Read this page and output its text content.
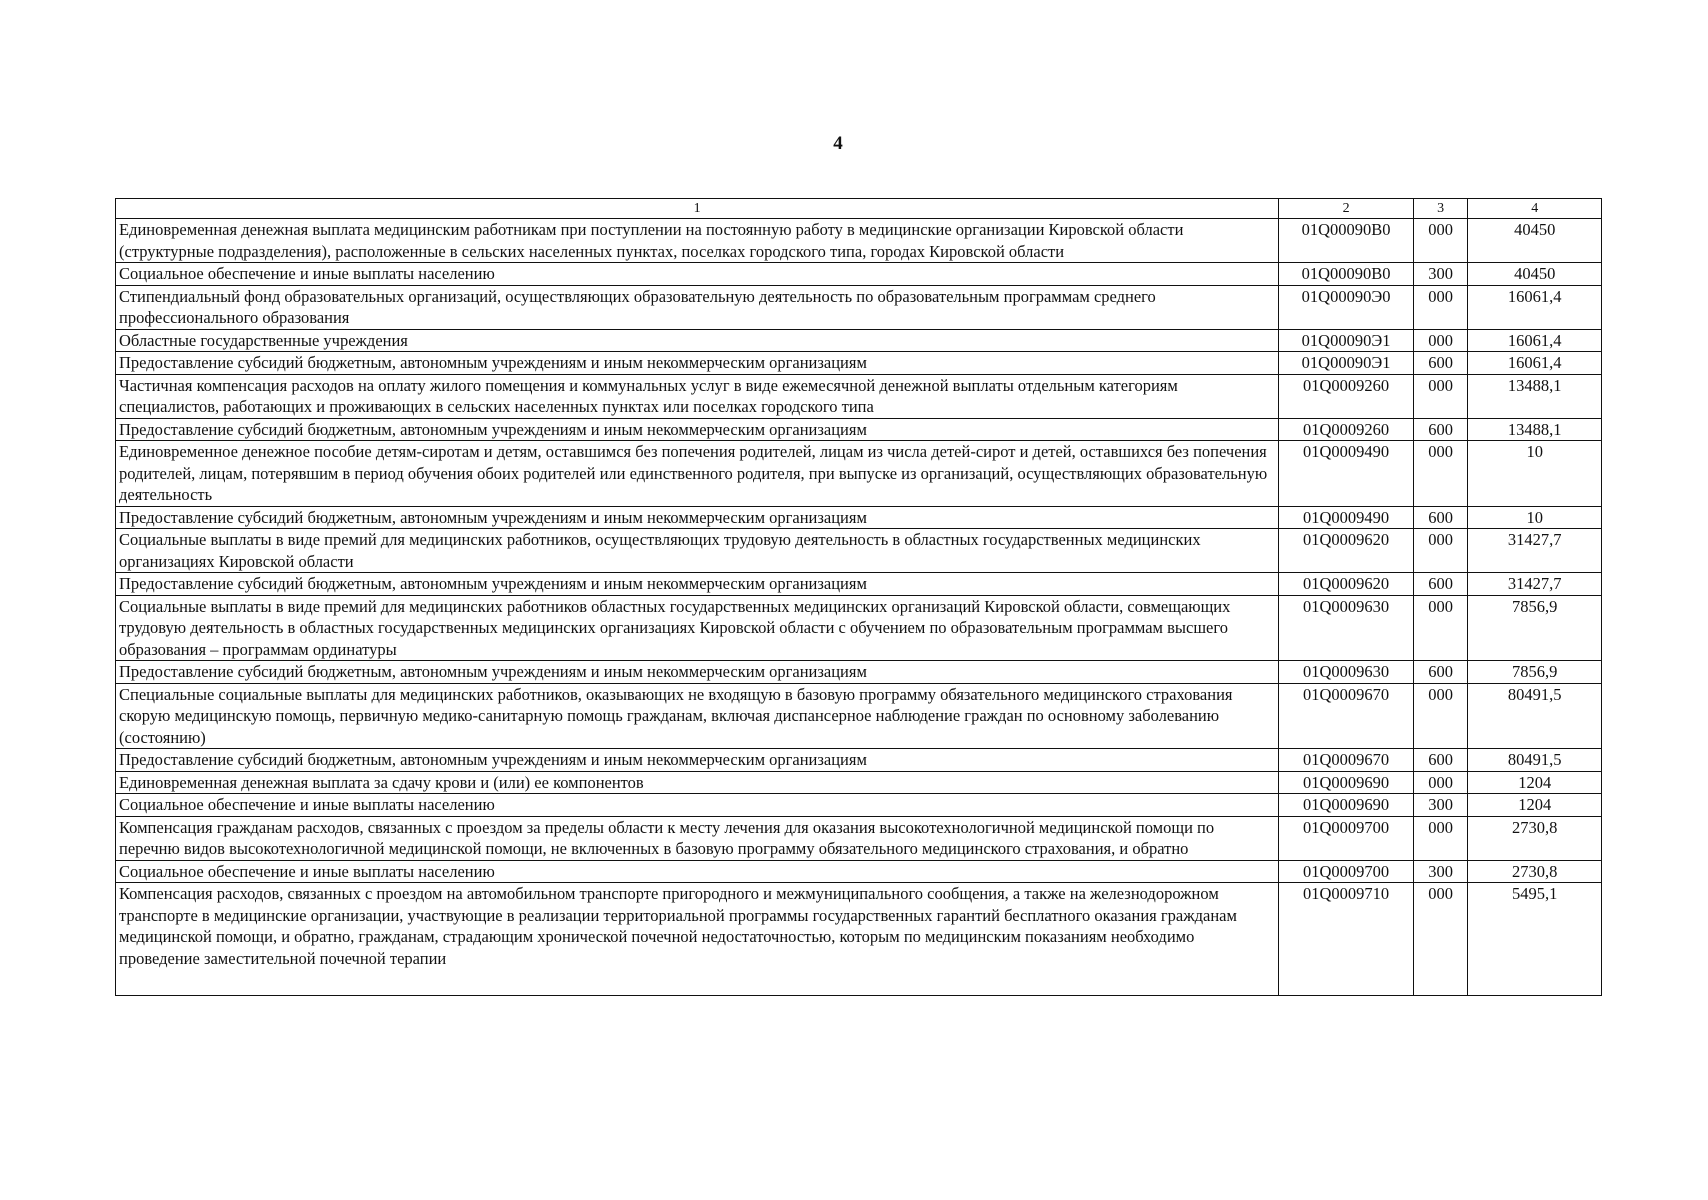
4
1	2	3	4
Единовременная денежная выплата медицинским работникам при поступлении на постоянную работу в медицинские организации Кировской области (структурные подразделения), расположенные в сельских населенных пунктах, поселках городского типа, городах Кировской области	01Q00090В0	000	40450
Социальное обеспечение и иные выплаты населению	01Q00090В0	300	40450
Стипендиальный фонд образовательных организаций, осуществляющих образовательную деятельность по образовательным программам среднего профессионального образования	01Q00090Э0	000	16061,4
Областные государственные учреждения	01Q00090Э1	000	16061,4
Предоставление субсидий бюджетным, автономным учреждениям и иным некоммерческим организациям	01Q00090Э1	600	16061,4
Частичная компенсация расходов на оплату жилого помещения и коммунальных услуг в виде ежемесячной денежной выплаты отдельным категориям специалистов, работающих и проживающих в сельских населенных пунктах или поселках городского типа	01Q0009260	000	13488,1
Предоставление субсидий бюджетным, автономным учреждениям и иным некоммерческим организациям	01Q0009260	600	13488,1
Единовременное денежное пособие детям-сиротам и детям, оставшимся без попечения родителей, лицам из числа детей-сирот и детей, оставшихся без попечения родителей, лицам, потерявшим в период обучения обоих родителей или единственного родителя, при выпуске из организаций, осуществляющих образовательную деятельность	01Q0009490	000	10
Предоставление субсидий бюджетным, автономным учреждениям и иным некоммерческим организациям	01Q0009490	600	10
Социальные выплаты в виде премий для медицинских работников, осуществляющих трудовую деятельность в областных государственных медицинских организациях Кировской области	01Q0009620	000	31427,7
Предоставление субсидий бюджетным, автономным учреждениям и иным некоммерческим организациям	01Q0009620	600	31427,7
Социальные выплаты в виде премий для медицинских работников областных государственных медицинских организаций Кировской области, совмещающих трудовую деятельность в областных государственных медицинских организациях Кировской области с обучением по образовательным программам высшего образования – программам ординатуры	01Q0009630	000	7856,9
Предоставление субсидий бюджетным, автономным учреждениям и иным некоммерческим организациям	01Q0009630	600	7856,9
Специальные социальные выплаты для медицинских работников, оказывающих не входящую в базовую программу обязательного медицинского страхования скорую медицинскую помощь, первичную медико-санитарную помощь гражданам, включая диспансерное наблюдение граждан по основному заболеванию (состоянию)	01Q0009670	000	80491,5
Предоставление субсидий бюджетным, автономным учреждениям и иным некоммерческим организациям	01Q0009670	600	80491,5
Единовременная денежная выплата за сдачу крови и (или) ее компонентов	01Q0009690	000	1204
Социальное обеспечение и иные выплаты населению	01Q0009690	300	1204
Компенсация гражданам расходов, связанных с проездом за пределы области к месту лечения для оказания высокотехнологичной медицинской помощи по перечню видов высокотехнологичной медицинской помощи, не включенных в базовую программу обязательного медицинского страхования, и обратно	01Q0009700	000	2730,8
Социальное обеспечение и иные выплаты населению	01Q0009700	300	2730,8
Компенсация расходов, связанных с проездом на автомобильном транспорте пригородного и межмуниципального сообщения, а также на железнодорожном транспорте в медицинские организации, участвующие в реализации территориальной программы государственных гарантий бесплатного оказания гражданам медицинской помощи, и обратно, гражданам, страдающим хронической почечной недостаточностью, которым по медицинским показаниям необходимо проведение заместительной почечной терапии	01Q0009710	000	5495,1
